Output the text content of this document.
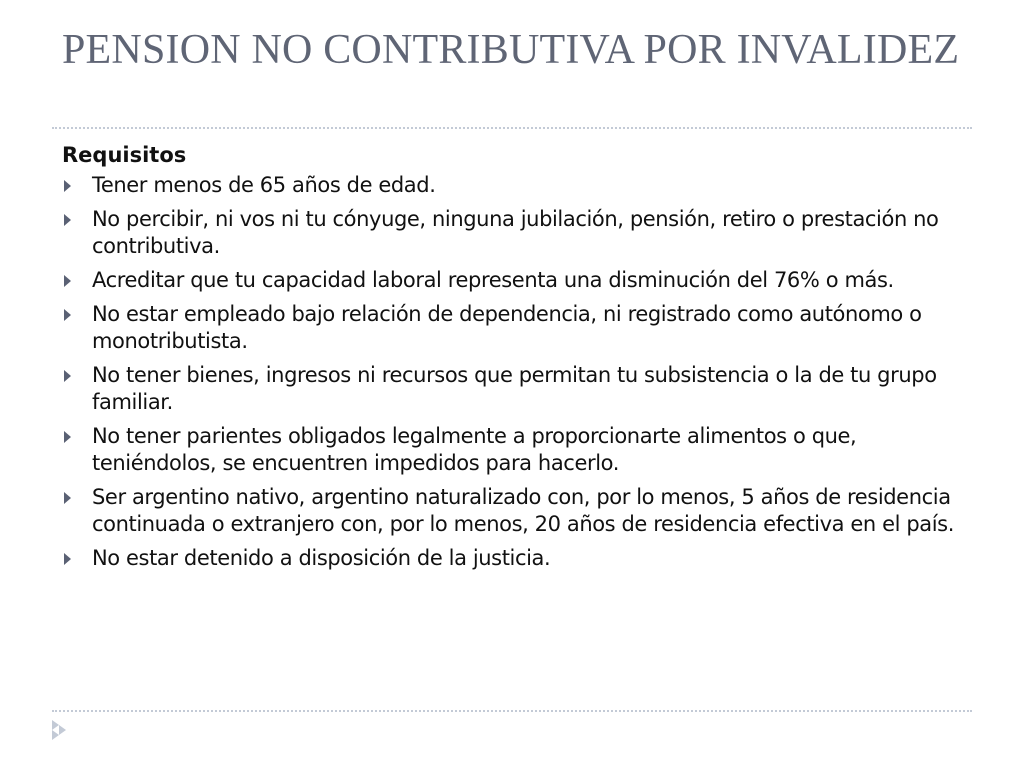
PENSION NO CONTRIBUTIVA POR INVALIDEZ
Requisitos
Tener menos de 65 años de edad.
No percibir, ni vos ni tu cónyuge, ninguna jubilación, pensión, retiro o prestación no contributiva.
Acreditar que tu capacidad laboral representa una disminución del 76% o más.
No estar empleado bajo relación de dependencia, ni registrado como autónomo o monotributista.
No tener bienes, ingresos ni recursos que permitan tu subsistencia o la de tu grupo familiar.
No tener parientes obligados legalmente a proporcionarte alimentos o que, teniéndolos, se encuentren impedidos para hacerlo.
Ser argentino nativo, argentino naturalizado con, por lo menos, 5 años de residencia continuada o extranjero con, por lo menos, 20 años de residencia efectiva en el país.
No estar detenido a disposición de la justicia.
